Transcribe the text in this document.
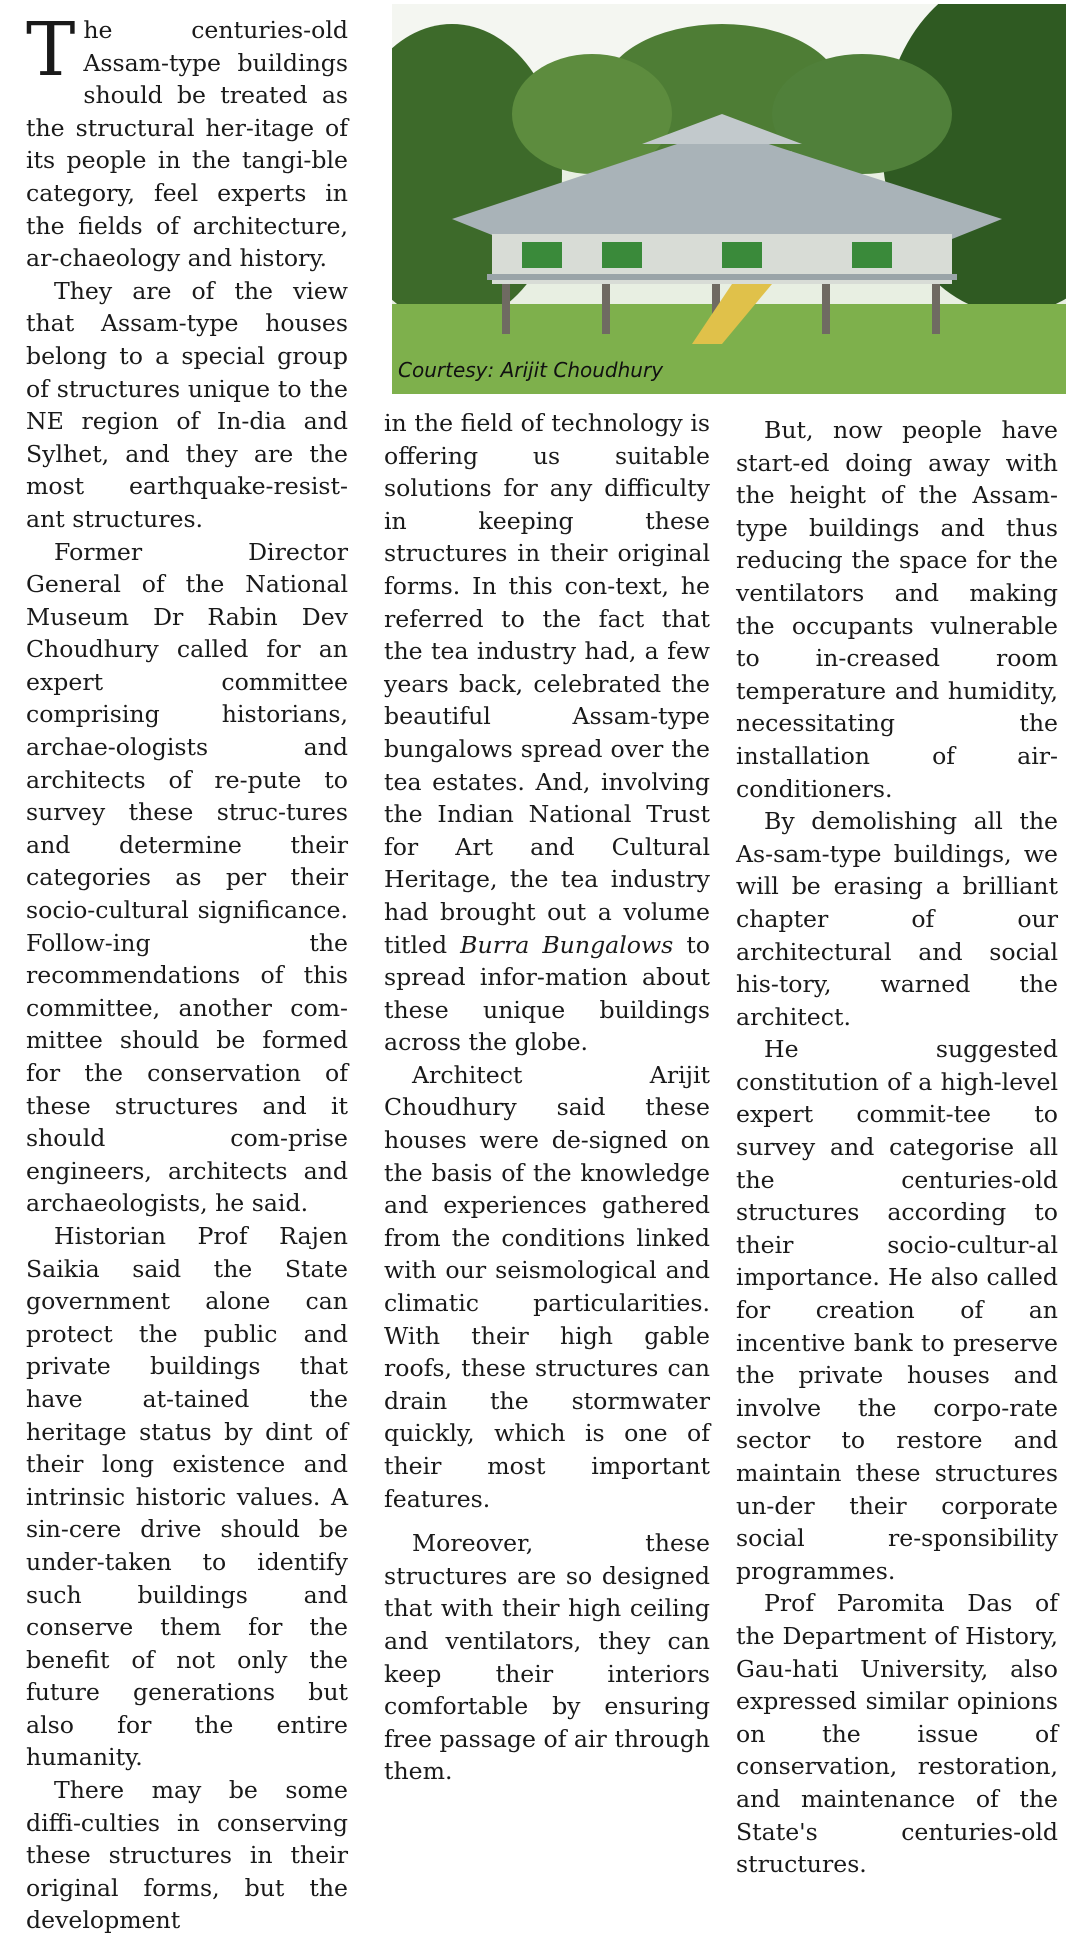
The centuries-old Assam-type buildings should be treated as the structural her-itage of its people in the tangi-ble category, feel experts in the fields of architecture, ar-chaeology and history.

They are of the view that Assam-type houses belong to a special group of structures unique to the NE region of In-dia and Sylhet, and they are the most earthquake-resist-ant structures.

Former Director General of the National Museum Dr Rabin Dev Choudhury called for an expert committee comprising historians, archae-ologists and architects of re-pute to survey these struc-tures and determine their categories as per their socio-cultural significance. Follow-ing the recommendations of this committee, another com-mittee should be formed for the conservation of these structures and it should com-prise engineers, architects and archaeologists, he said.

Historian Prof Rajen Saikia said the State government alone can protect the public and private buildings that have at-tained the heritage status by dint of their long existence and intrinsic historic values. A sin-cere drive should be under-taken to identify such buildings and conserve them for the benefit of not only the future generations but also for the entire humanity.

There may be some diffi-culties in conserving these structures in their original forms, but the development

Courtesy: Arijit Choudhury

in the field of technology is offering us suitable solutions for any difficulty in keeping these structures in their original forms. In this con-text, he referred to the fact that the tea industry had, a few years back, celebrated the beautiful Assam-type bungalows spread over the tea estates. And, involving the Indian National Trust for Art and Cultural Heritage, the tea industry had brought out a volume titled Burra Bungalows to spread infor-mation about these unique buildings across the globe.

Architect Arijit Choudhury said these houses were de-signed on the basis of the knowledge and experiences gathered from the conditions linked with our seismological and climatic particularities. With their high gable roofs, these structures can drain the stormwater quickly, which is one of their most important features.

Moreover, these structures are so designed that with their high ceiling and ventilators, they can keep their interiors comfortable by ensuring free passage of air through them.

But, now people have start-ed doing away with the height of the Assam-type buildings and thus reducing the space for the ventilators and making the occupants vulnerable to in-creased room temperature and humidity, necessitating the installation of air-conditioners.

By demolishing all the As-sam-type buildings, we will be erasing a brilliant chapter of our architectural and social his-tory, warned the architect.

He suggested constitution of a high-level expert commit-tee to survey and categorise all the centuries-old structures according to their socio-cultur-al importance. He also called for creation of an incentive bank to preserve the private houses and involve the corpo-rate sector to restore and maintain these structures un-der their corporate social re-sponsibility programmes.

Prof Paromita Das of the Department of History, Gau-hati University, also expressed similar opinions on the issue of conservation, restoration, and maintenance of the State's centuries-old structures.
